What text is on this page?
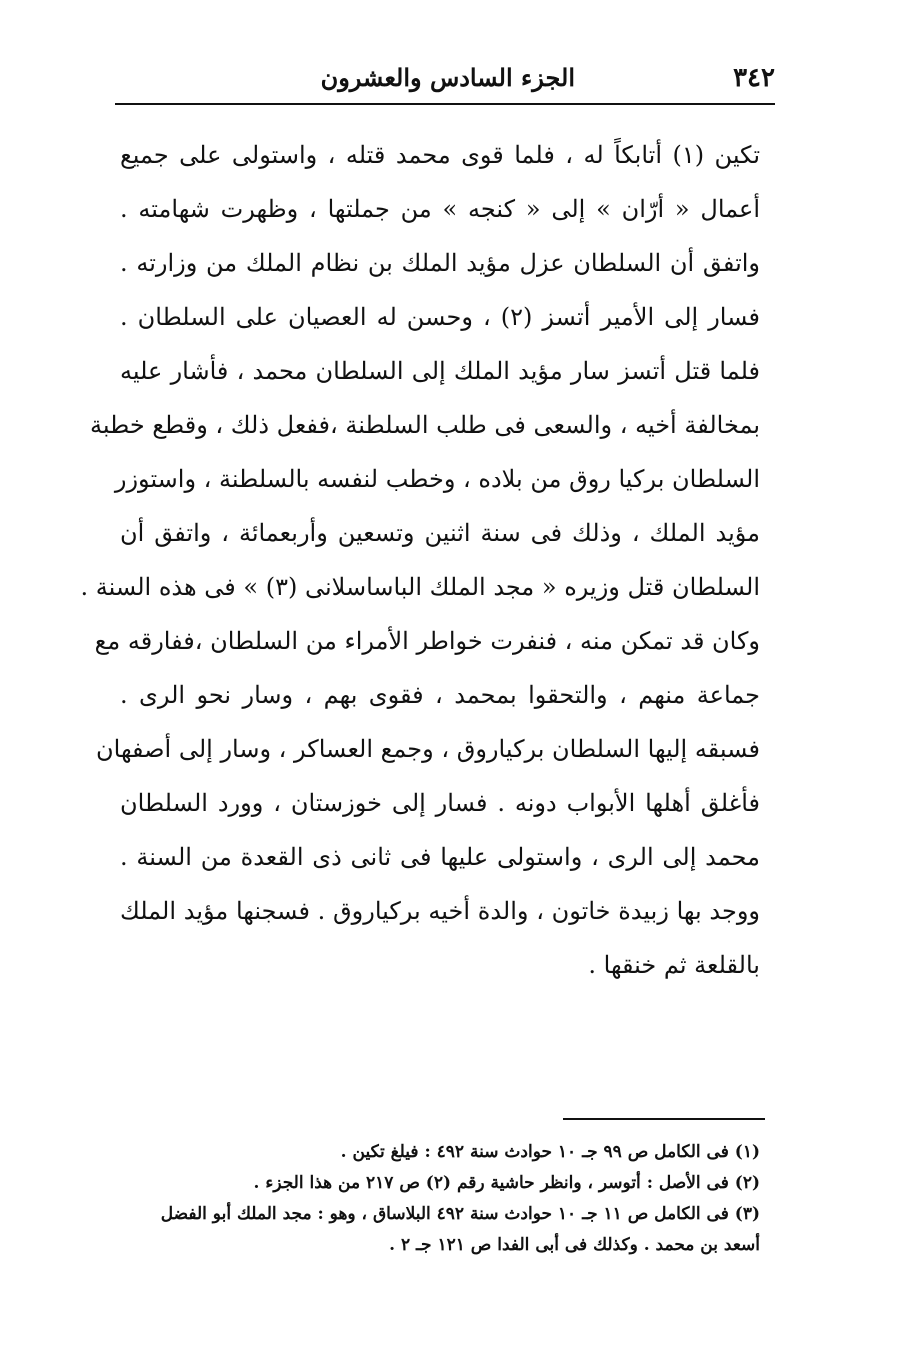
٣٤٢
الجزء السادس والعشرون
تكين (١) أتابكاً له ، فلما قوى محمد قتله ، واستولى على جميع
أعمال « أرّان » إلى « كنجه » من جملتها ، وظهرت شهامته .
واتفق أن السلطان عزل مؤيد الملك بن نظام الملك من وزارته .
فسار إلى الأمير أتسز (٢) ، وحسن له العصيان على السلطان .
فلما قتل أتسز سار مؤيد الملك إلى السلطان محمد ، فأشار عليه
بمخالفة أخيه ، والسعى فى طلب السلطنة ،ففعل ذلك ، وقطع خطبة
السلطان بركيا روق من بلاده ، وخطب لنفسه بالسلطنة ، واستوزر
مؤيد الملك ، وذلك فى سنة اثنين وتسعين وأربعمائة ، واتفق أن
السلطان قتل وزيره « مجد الملك الباساسلانى (٣) » فى هذه السنة .
وكان قد تمكن منه ، فنفرت خواطر الأمراء من السلطان ،ففارقه مع
جماعة منهم ، والتحقوا بمحمد ، فقوى بهم ، وسار نحو الرى .
فسبقه إليها السلطان بركياروق ، وجمع العساكر ، وسار إلى أصفهان
فأغلق أهلها الأبواب دونه . فسار إلى خوزستان ، وورد السلطان
محمد إلى الرى ، واستولى عليها فى ثانى ذى القعدة من السنة .
ووجد بها زبيدة خاتون ، والدة أخيه بركياروق . فسجنها مؤيد الملك
بالقلعة ثم خنقها .
(١) فى الكامل ص ٩٩ جـ ١٠ حوادث سنة ٤٩٢ : فيلغ تكين .
(٢) فى الأصل : أتوسر ، وانظر حاشية رقم (٢) ص ٢١٧ من هذا الجزء .
(٣) فى الكامل ص ١١ جـ ١٠ حوادث سنة ٤٩٢ البلاساق ، وهو : مجد الملك أبو الفضل
أسعد بن محمد . وكذلك فى أبى الفدا ص ١٢١ جـ ٢ .
